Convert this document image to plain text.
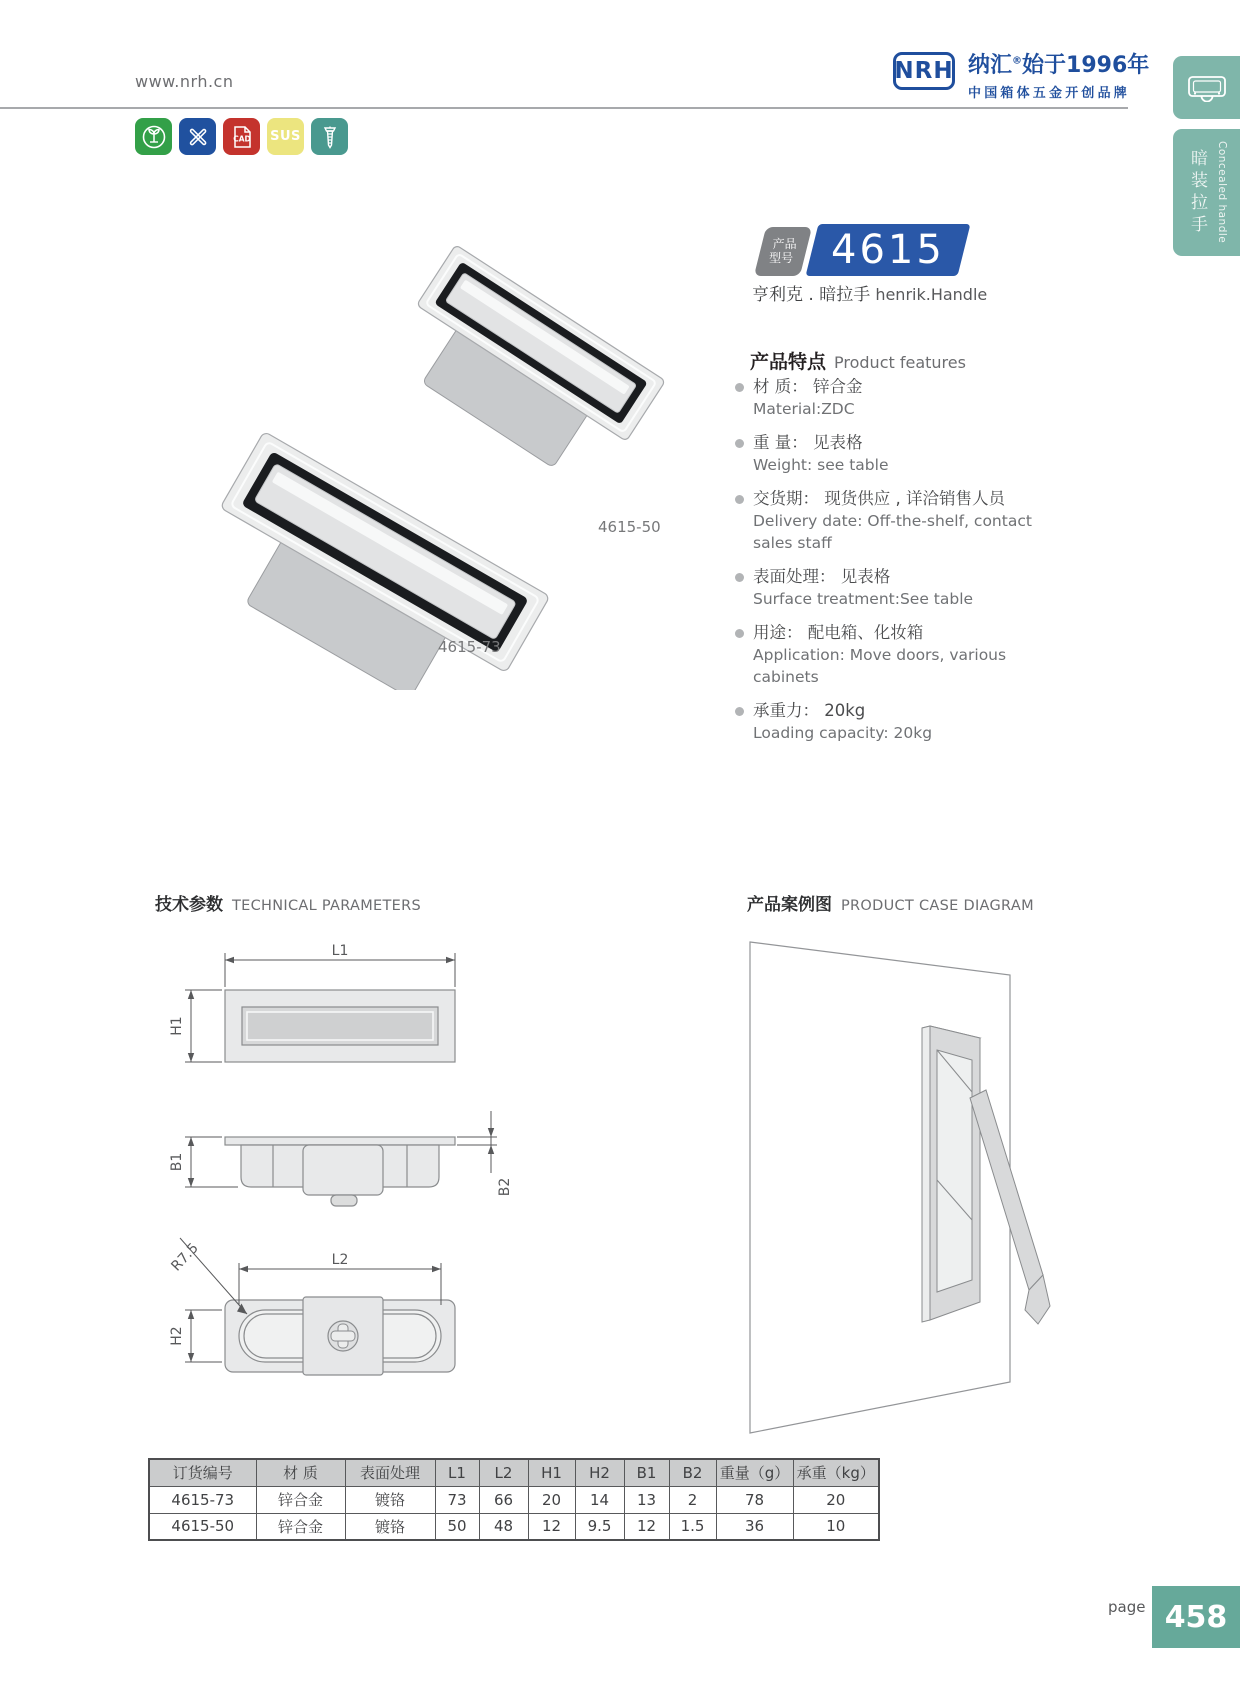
www.nrh.cn	NRH 纳汇®始于1996年
中国箱体五金开创品牌
CAD SUS
暗装拉手 Concealed handle
4615-50
4615-73
产品
型号 4615
亨利克 . 暗拉手 henrik.Handle
产品特点 Product features
材 质： 锌合金
Material:ZDC
重 量： 见表格
Weight: see table
交货期： 现货供应 , 详洽销售人员
Delivery date: Off-the-shelf, contact sales staff
表面处理： 见表格
Surface treatment:See table
用途： 配电箱、化妆箱
Application: Move doors, various cabinets
承重力： 20kg
Loading capacity: 20kg
技术参数 TECHNICAL PARAMETERS	产品案例图 PRODUCT CASE DIAGRAM
L1
H1
B1
B2
L2
H2
R7.5
订货编号	材 质	表面处理	L1	L2	H1	H2	B1	B2	重量（g）	承重（kg）
4615-73	锌合金	镀铬	73	66	20	14	13	2	78	20
4615-50	锌合金	镀铬	50	48	12	9.5	12	1.5	36	10
page 458
